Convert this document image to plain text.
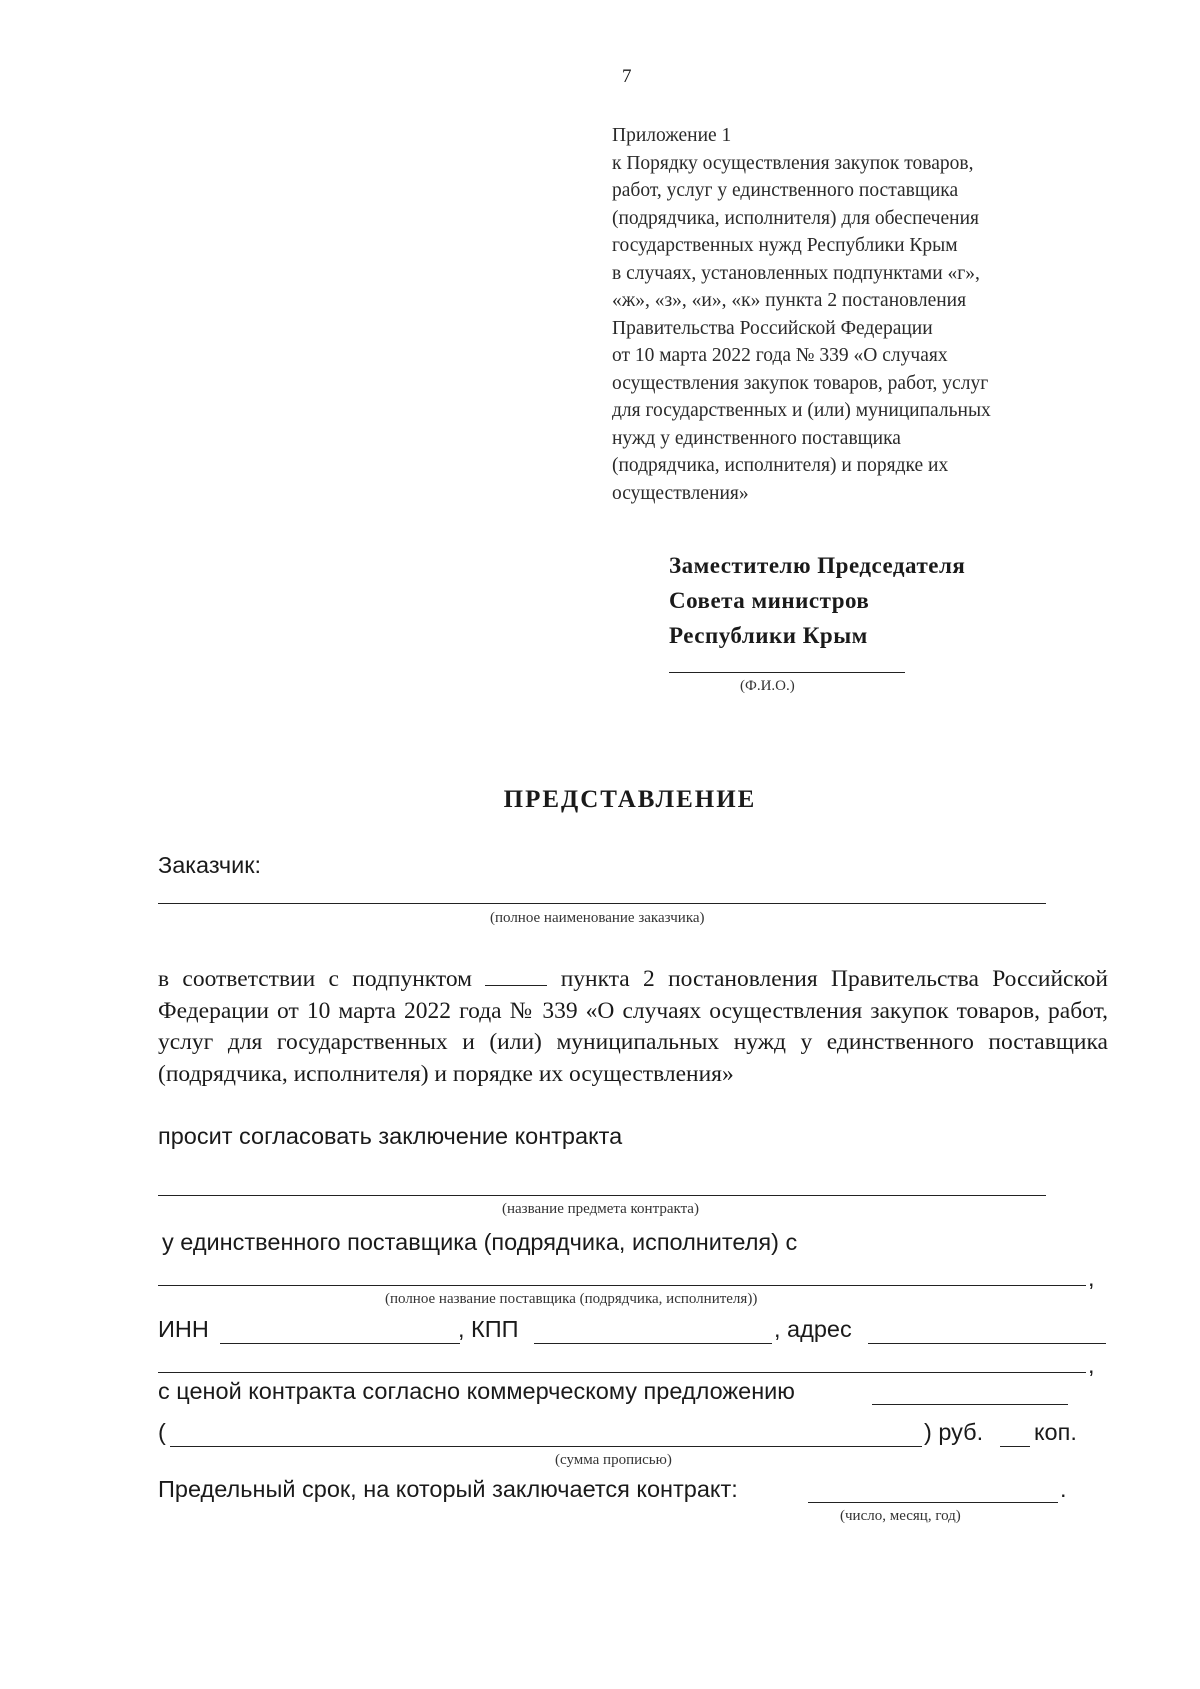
7
Приложение 1
к Порядку осуществления закупок товаров,
работ, услуг у единственного поставщика
(подрядчика, исполнителя) для обеспечения
государственных нужд Республики Крым
в случаях, установленных подпунктами «г»,
«ж», «з», «и», «к» пункта 2 постановления
Правительства Российской Федерации
от 10 марта 2022 года № 339 «О случаях
осуществления закупок товаров, работ, услуг
для государственных и (или) муниципальных
нужд у единственного поставщика
(подрядчика, исполнителя) и порядке их
осуществления»
Заместителю Председателя
Совета министров
Республики Крым
(Ф.И.О.)
ПРЕДСТАВЛЕНИЕ
Заказчик:
(полное наименование заказчика)
в соответствии с подпунктом	пункта 2 постановления Правительства Российской Федерации от 10 марта 2022 года № 339 «О случаях осуществления закупок товаров, работ, услуг для государственных и (или) муниципальных нужд у единственного поставщика (подрядчика, исполнителя) и порядке их осуществления»
просит согласовать заключение контракта
(название предмета контракта)
у единственного поставщика (подрядчика, исполнителя) с
,
(полное название поставщика (подрядчика, исполнителя))
ИНН	, КПП	, адрес
,
с ценой контракта согласно коммерческому предложению
(	) руб. коп.
(сумма прописью)
Предельный срок, на который заключается контракт:	.
(число, месяц, год)
